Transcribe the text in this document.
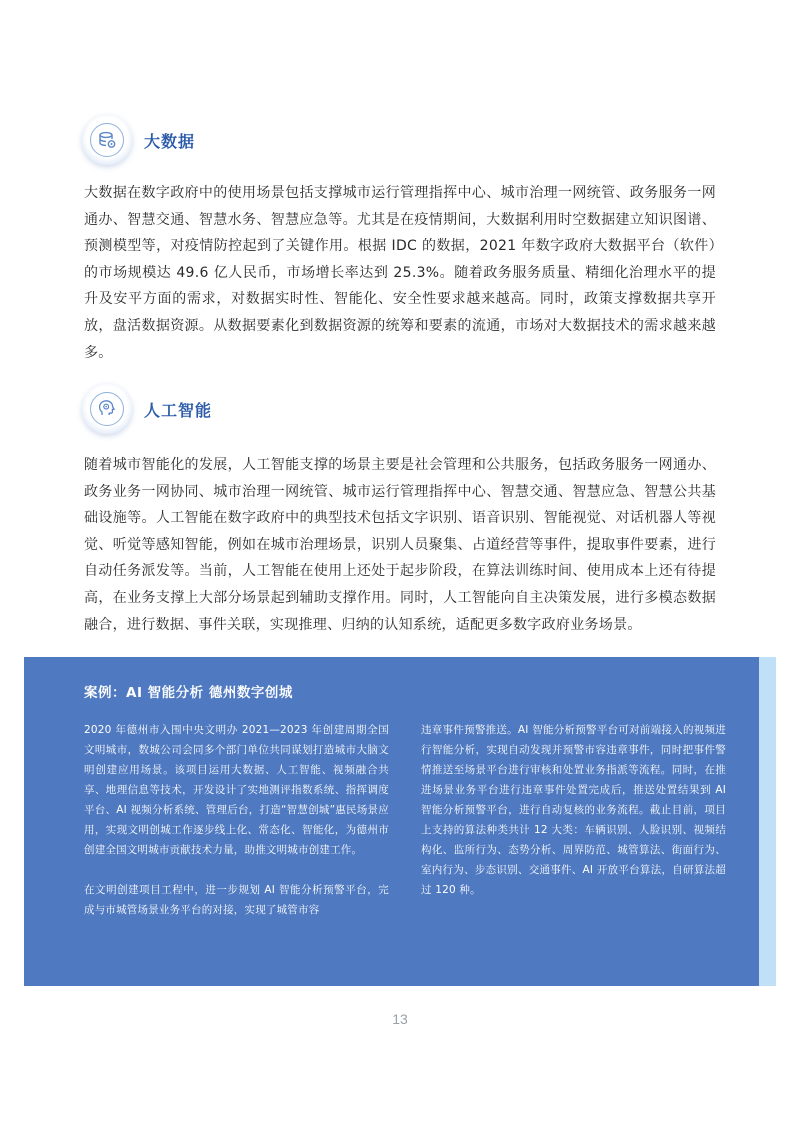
大数据

大数据在数字政府中的使用场景包括支撑城市运行管理指挥中心、城市治理一网统管、政务服务一网通办、智慧交通、智慧水务、智慧应急等。尤其是在疫情期间，大数据利用时空数据建立知识图谱、预测模型等，对疫情防控起到了关键作用。根据 IDC 的数据，2021 年数字政府大数据平台（软件）的市场规模达 49.6 亿人民币，市场增长率达到 25.3%。随着政务服务质量、精细化治理水平的提升及安平方面的需求，对数据实时性、智能化、安全性要求越来越高。同时，政策支撑数据共享开放，盘活数据资源。从数据要素化到数据资源的统筹和要素的流通，市场对大数据技术的需求越来越多。

人工智能

随着城市智能化的发展，人工智能支撑的场景主要是社会管理和公共服务，包括政务服务一网通办、政务业务一网协同、城市治理一网统管、城市运行管理指挥中心、智慧交通、智慧应急、智慧公共基础设施等。人工智能在数字政府中的典型技术包括文字识别、语音识别、智能视觉、对话机器人等视觉、听觉等感知智能，例如在城市治理场景，识别人员聚集、占道经营等事件，提取事件要素，进行自动任务派发等。当前，人工智能在使用上还处于起步阶段，在算法训练时间、使用成本上还有待提高，在业务支撑上大部分场景起到辅助支撑作用。同时，人工智能向自主决策发展，进行多模态数据融合，进行数据、事件关联，实现推理、归纳的认知系统，适配更多数字政府业务场景。

案例：AI 智能分析 德州数字创城

2020 年德州市入围中央文明办 2021—2023 年创建周期全国文明城市，数城公司会同多个部门单位共同谋划打造城市大脑文明创建应用场景。该项目运用大数据、人工智能、视频融合共享、地理信息等技术，开发设计了实地测评指数系统、指挥调度平台、AI 视频分析系统、管理后台，打造“智慧创城”惠民场景应用，实现文明创城工作逐步线上化、常态化、智能化，为德州市创建全国文明城市贡献技术力量，助推文明城市创建工作。

在文明创建项目工程中，进一步规划 AI 智能分析预警平台，完成与市城管场景业务平台的对接，实现了城管市容

违章事件预警推送。AI 智能分析预警平台可对前端接入的视频进行智能分析，实现自动发现并预警市容违章事件，同时把事件警情推送至场景平台进行审核和处置业务指派等流程。同时，在推进场景业务平台进行违章事件处置完成后，推送处置结果到 AI 智能分析预警平台，进行自动复核的业务流程。截止目前，项目上支持的算法种类共计 12 大类：车辆识别、人脸识别、视频结构化、监所行为、态势分析、周界防范、城管算法、街面行为、室内行为、步态识别、交通事件、AI 开放平台算法，自研算法超过 120 种。

13
